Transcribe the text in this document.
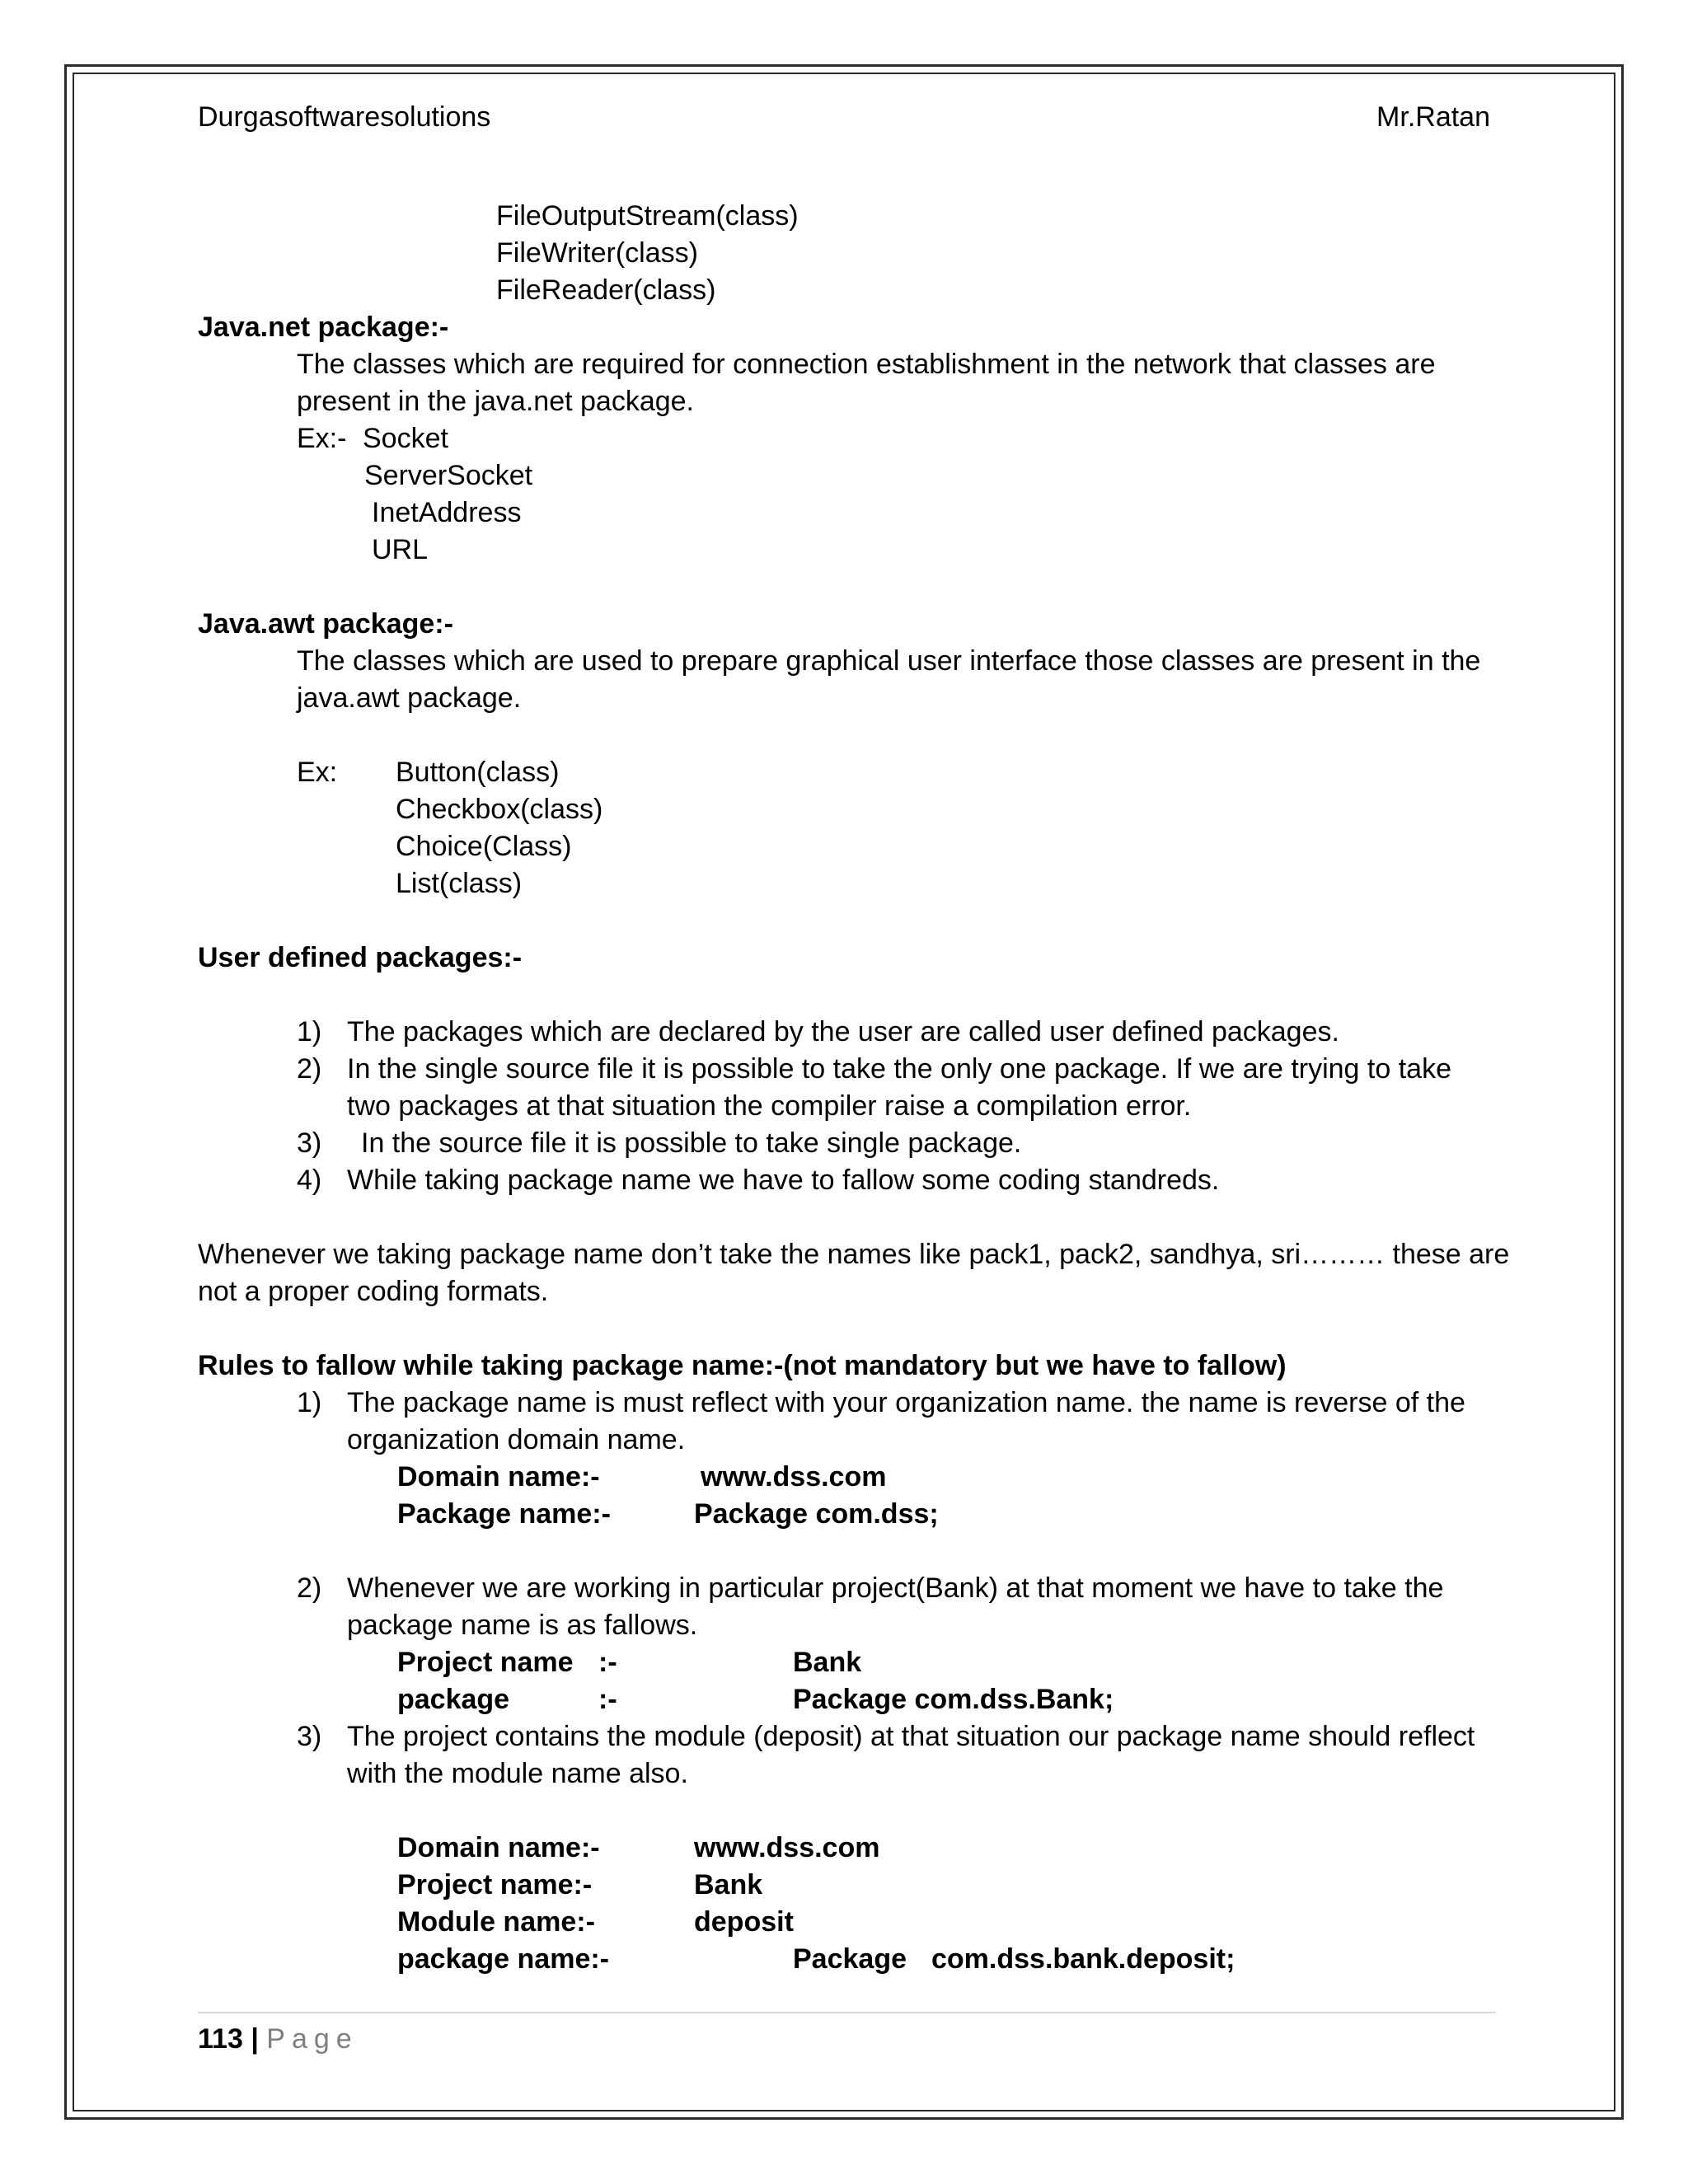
Durgasoftwaresolutions	Mr.Ratan
FileOutputStream(class)
FileWriter(class)
FileReader(class)
Java.net package:-
The classes which are required for connection establishment in the network that classes are
present in the java.net package.
Ex:- Socket
ServerSocket
InetAddress
URL
Java.awt package:-
The classes which are used to prepare graphical user interface those classes are present in the
java.awt package.
Ex: Button(class)
Checkbox(class)
Choice(Class)
List(class)
User defined packages:-
1) The packages which are declared by the user are called user defined packages.
2) In the single source file it is possible to take the only one package. If we are trying to take
two packages at that situation the compiler raise a compilation error.
3) In the source file it is possible to take single package.
4) While taking package name we have to fallow some coding standreds.
Whenever we taking package name don’t take the names like pack1, pack2, sandhya, sri……… these are
not a proper coding formats.
Rules to fallow while taking package name:-(not mandatory but we have to fallow)
1) The package name is must reflect with your organization name. the name is reverse of the
organization domain name.
Domain name:-	www.dss.com
Package name:-	Package com.dss;
2) Whenever we are working in particular project(Bank) at that moment we have to take the
package name is as fallows.
Project name :-	Bank
package	:-	Package com.dss.Bank;
3) The project contains the module (deposit) at that situation our package name should reflect
with the module name also.
Domain name:-	www.dss.com
Project name:-	Bank
Module name:-	deposit
package name:-	Package com.dss.bank.deposit;
113 | Page
